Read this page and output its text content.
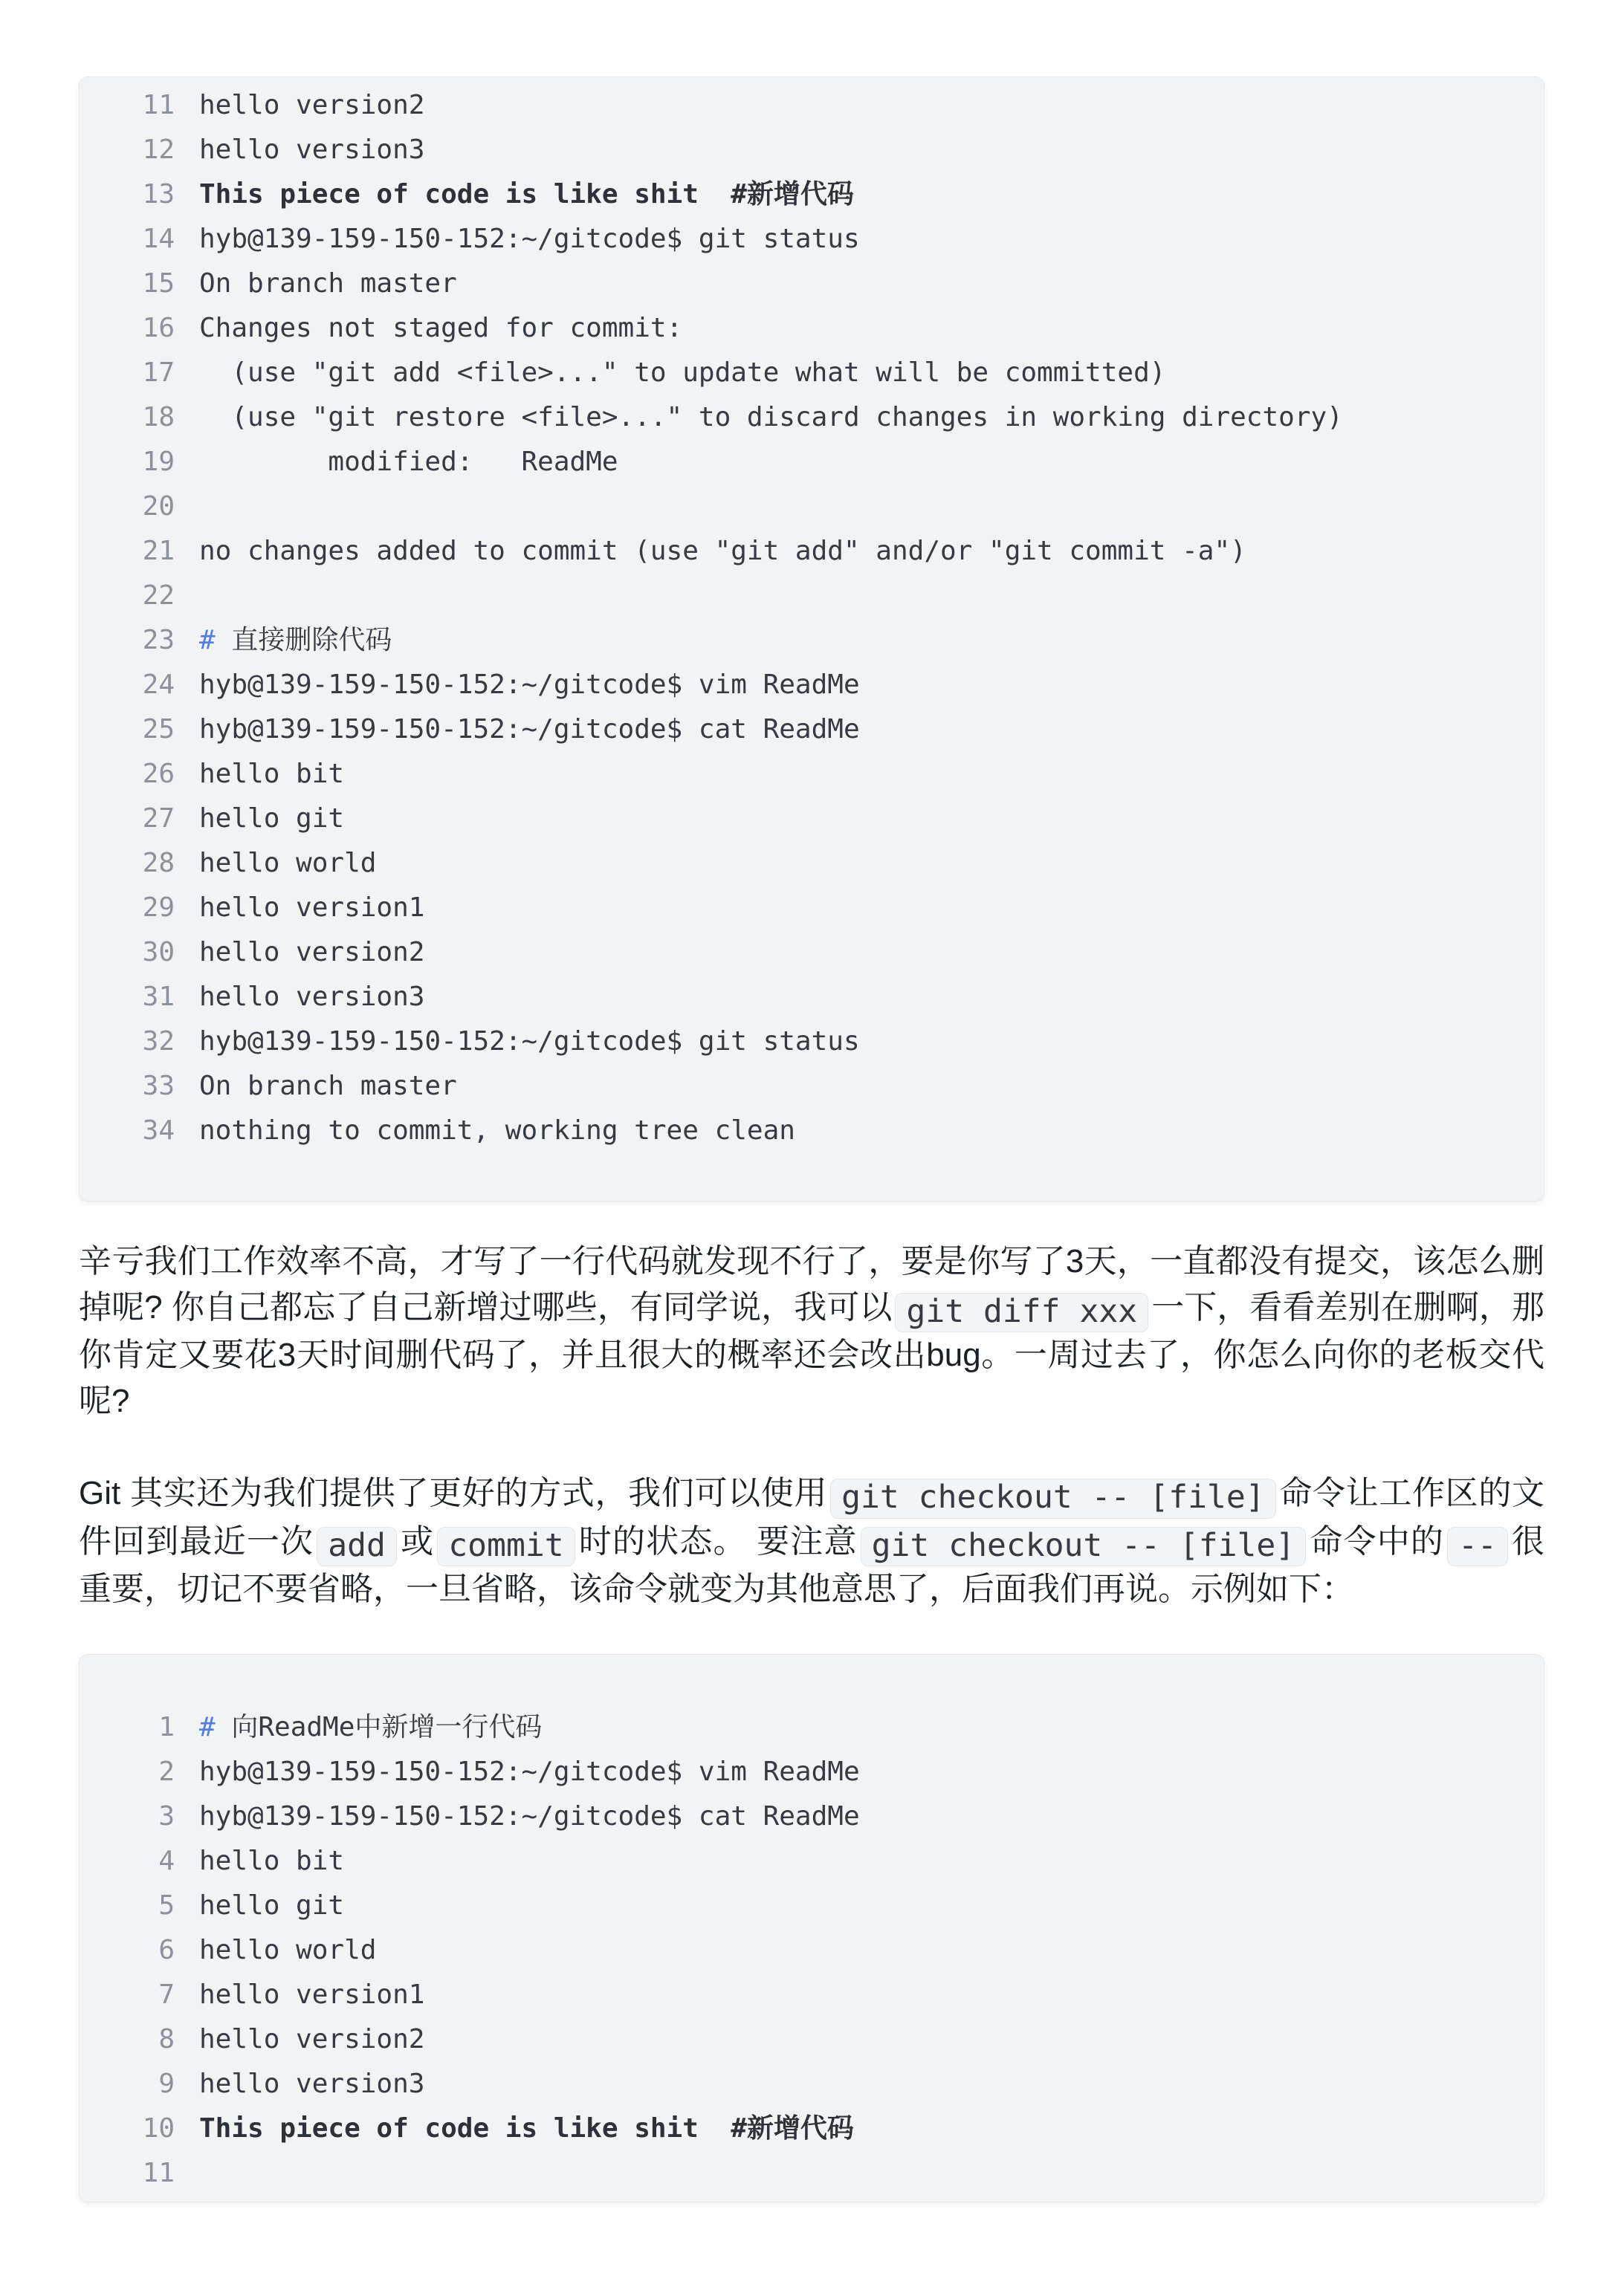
11 hello version2
12 hello version3
13 This piece of code is like shit  #新增代码
14 hyb@139-159-150-152:~/gitcode$ git status
15 On branch master
16 Changes not staged for commit:
17 (use "git add <file>..." to update what will be committed)
18 (use "git restore <file>..." to discard changes in working directory)
19 modified:   ReadMe
20
21 no changes added to commit (use "git add" and/or "git commit -a")
22
23 # 直接删除代码
24 hyb@139-159-150-152:~/gitcode$ vim ReadMe
25 hyb@139-159-150-152:~/gitcode$ cat ReadMe
26 hello bit
27 hello git
28 hello world
29 hello version1
30 hello version2
31 hello version3
32 hyb@139-159-150-152:~/gitcode$ git status
33 On branch master
34 nothing to commit, working tree clean

辛亏我们工作效率不高，才写了一行代码就发现不行了，要是你写了3天，一直都没有提交，该怎么删掉呢? 你自己都忘了自己新增过哪些，有同学说，我可以 git diff xxx 一下，看看差别在删啊，那你肯定又要花3天时间删代码了，并且很大的概率还会改出bug。一周过去了，你怎么向你的老板交代呢?

Git 其实还为我们提供了更好的方式，我们可以使用 git checkout -- [file] 命令让工作区的文件回到最近一次 add 或 commit 时的状态。 要注意 git checkout -- [file] 命令中的 -- 很重要，切记不要省略，一旦省略，该命令就变为其他意思了，后面我们再说。示例如下：

1 # 向ReadMe中新增一行代码
2 hyb@139-159-150-152:~/gitcode$ vim ReadMe
3 hyb@139-159-150-152:~/gitcode$ cat ReadMe
4 hello bit
5 hello git
6 hello world
7 hello version1
8 hello version2
9 hello version3
10 This piece of code is like shit  #新增代码
11
